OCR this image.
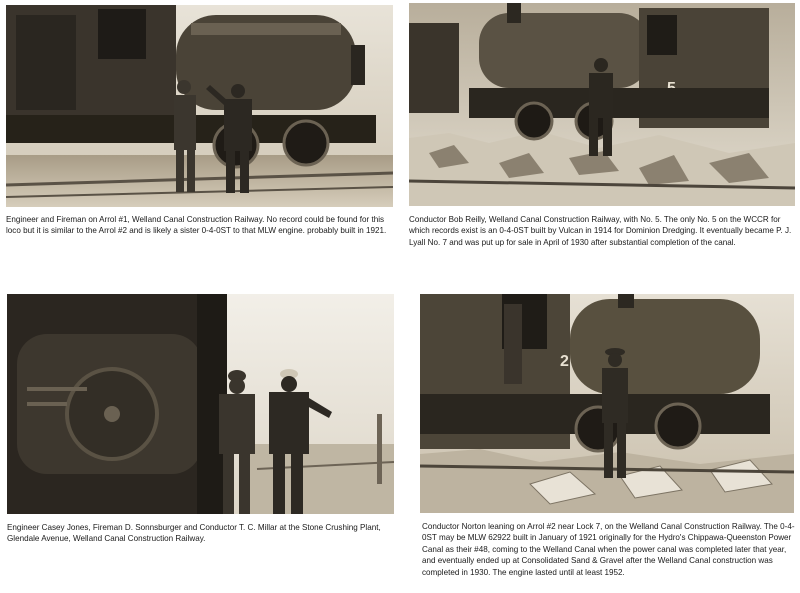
Engineer and Fireman on Arrol #1, Welland Canal Construction Railway. No record could be found for this loco but it is similar to the Arrol #2 and is likely a sister 0-4-0ST to that MLW engine. probably built in 1921.

Conductor Bob Reilly, Welland Canal Construction Railway, with No. 5. The only No. 5 on the WCCR for which records exist is an 0-4-0ST built by Vulcan in 1914 for Dominion Dredging. It eventually became P. J. Lyall No. 7 and was put up for sale in April of 1930 after substantial completion of the canal.

Engineer Casey Jones, Fireman D. Sonnsburger and Conductor T. C. Millar at the Stone Crushing Plant, Glendale Avenue, Welland Canal Construction Railway.

2

Conductor Norton leaning on Arrol #2 near Lock 7, on the Welland Canal Construction Railway. The 0-4-0ST may be MLW 62922 built in January of 1921 originally for the Hydro's Chippawa-Queenston Power Canal as their #48, coming to the Welland Canal when the power canal was completed later that year, and eventually ended up at Consolidated Sand & Gravel after the Welland Canal construction was completed in 1930. The engine lasted until at least 1952.
